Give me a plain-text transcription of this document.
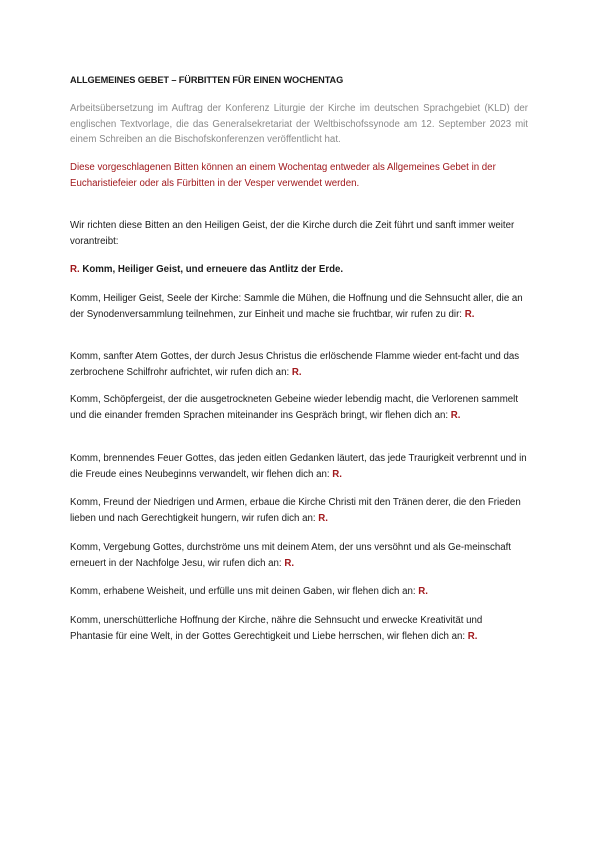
ALLGEMEINES GEBET – FÜRBITTEN FÜR EINEN WOCHENTAG
Arbeitsübersetzung im Auftrag der Konferenz Liturgie der Kirche im deutschen Sprachgebiet (KLD) der englischen Textvorlage, die das Generalsekretariat der Weltbischofssynode am 12. September 2023 mit einem Schreiben an die Bischofskonferenzen veröffentlicht hat.
Diese vorgeschlagenen Bitten können an einem Wochentag entweder als Allgemeines Gebet in der Eucharistiefeier oder als Fürbitten in der Vesper verwendet werden.
Wir richten diese Bitten an den Heiligen Geist, der die Kirche durch die Zeit führt und sanft immer weiter vorantreibt:
R. Komm, Heiliger Geist, und erneuere das Antlitz der Erde.
Komm, Heiliger Geist, Seele der Kirche: Sammle die Mühen, die Hoffnung und die Sehnsucht aller, die an der Synodenversammlung teilnehmen, zur Einheit und mache sie fruchtbar, wir rufen zu dir: R.
Komm, sanfter Atem Gottes, der durch Jesus Christus die erlöschende Flamme wieder ent-facht und das zerbrochene Schilfrohr aufrichtet, wir rufen dich an: R.
Komm, Schöpfergeist, der die ausgetrockneten Gebeine wieder lebendig macht, die Verlorenen sammelt und die einander fremden Sprachen miteinander ins Gespräch bringt, wir flehen dich an: R.
Komm, brennendes Feuer Gottes, das jeden eitlen Gedanken läutert, das jede Traurigkeit verbrennt und in die Freude eines Neubeginns verwandelt, wir flehen dich an: R.
Komm, Freund der Niedrigen und Armen, erbaue die Kirche Christi mit den Tränen derer, die den Frieden lieben und nach Gerechtigkeit hungern, wir rufen dich an: R.
Komm, Vergebung Gottes, durchströme uns mit deinem Atem, der uns versöhnt und als Ge-meinschaft erneuert in der Nachfolge Jesu, wir rufen dich an: R.
Komm, erhabene Weisheit, und erfülle uns mit deinen Gaben, wir flehen dich an: R.
Komm, unerschütterliche Hoffnung der Kirche, nähre die Sehnsucht und erwecke Kreativität und Phantasie für eine Welt, in der Gottes Gerechtigkeit und Liebe herrschen, wir flehen dich an: R.
